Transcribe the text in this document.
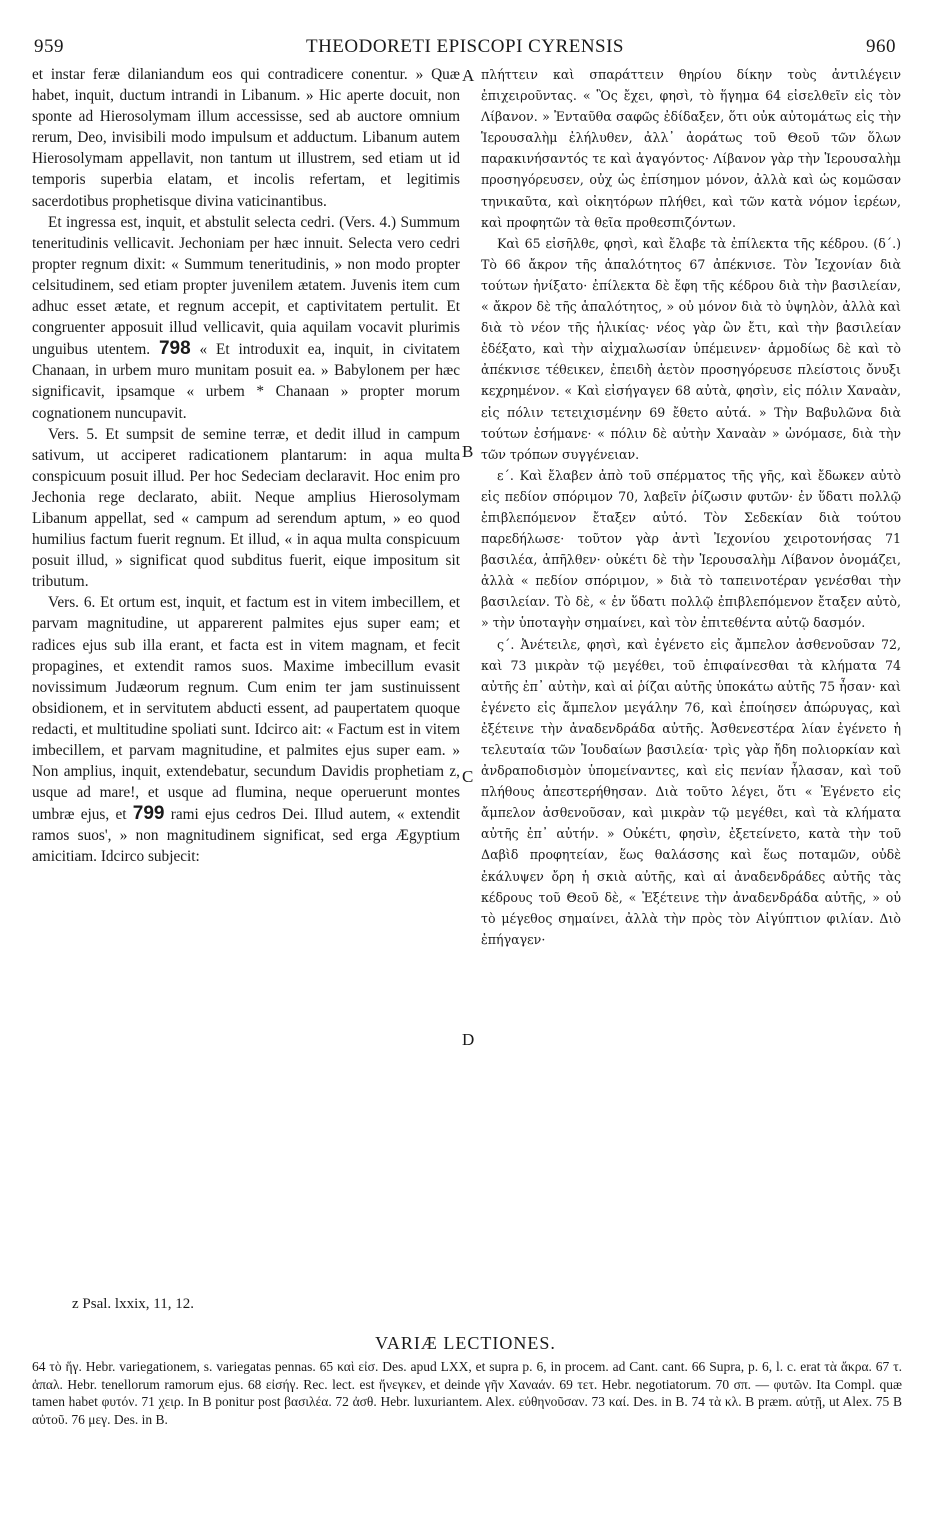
959	THEODORETI EPISCOPI CYRENSIS	960
A
B
C
D

et instar feræ dilaniandum eos qui contradicere conentur. » Quæ habet, inquit, ductum intrandi in Libanum. » Hic aperte docuit, non sponte ad Hierosolymam illum accessisse, sed ab auctore omnium rerum, Deo, invisibili modo impulsum et adductum. Libanum autem Hierosolymam appellavit, non tantum ut illustrem, sed etiam ut id temporis superbia elatam, et incolis refertam, et legitimis sacerdotibus prophetisque divina vaticinantibus.

Et ingressa est, inquit, et abstulit selecta cedri. (Vers. 4.) Summum teneritudinis vellicavit. Jechoniam per hæc innuit. Selecta vero cedri propter regnum dixit: « Summum teneritudinis, » non modo propter celsitudinem, sed etiam propter juvenilem ætatem. Juvenis item cum adhuc esset ætate, et regnum accepit, et captivitatem pertulit. Et congruenter apposuit illud vellicavit, quia aquilam vocavit plurimis unguibus utentem. 798 « Et introduxit ea, inquit, in civitatem Chanaan, in urbem muro munitam posuit ea. » Babylonem per hæc significavit, ipsamque « urbem * Chanaan » propter morum cognationem nuncupavit.

Vers. 5. Et sumpsit de semine terræ, et dedit illud in campum sativum, ut acciperet radicationem plantarum: in aqua multa conspicuum posuit illud. Per hoc Sedeciam declaravit. Hoc enim pro Jechonia rege declarato, abiit. Neque amplius Hierosolymam Libanum appellat, sed « campum ad serendum aptum, » eo quod humilius factum fuerit regnum. Et illud, « in aqua multa conspicuum posuit illud, » significat quod subditus fuerit, eique impositum sit tributum.

Vers. 6. Et ortum est, inquit, et factum est in vitem imbecillem, et parvam magnitudine, ut apparerent palmites ejus super eam; et radices ejus sub illa erant, et facta est in vitem magnam, et fecit propagines, et extendit ramos suos. Maxime imbecillum evasit novissimum Judæorum regnum. Cum enim ter jam sustinuissent obsidionem, et in servitutem abducti essent, ad paupertatem quoque redacti, et multitudine spoliati sunt. Idcirco ait: « Factum est in vitem imbecillem, et parvam magnitudine, et palmites ejus super eam. » Non amplius, inquit, extendebatur, secundum Davidis prophetiam z, usque ad mare!, et usque ad flumina, neque operuerunt montes umbræ ejus, et 799 rami ejus cedros Dei. Illud autem, « extendit ramos suos', » non magnitudinem significat, sed erga Ægyptium amicitiam. Idcirco subjecit:

πλήττειν καὶ σπαράττειν θηρίου δίκην τοὺς ἀντιλέγειν ἐπιχειροῦντας. « Ὃς ἔχει, φησὶ, τὸ ἥγημα 64 εἰσελθεῖν εἰς τὸν Λίβανον. » Ἐνταῦθα σαφῶς ἐδίδαξεν, ὅτι οὐκ αὐτομάτως εἰς τὴν Ἱερουσαλὴμ ἐλήλυθεν, ἀλλ᾽ ἀοράτως τοῦ Θεοῦ τῶν ὅλων παρακινήσαντός τε καὶ ἀγαγόντος· Λίβανον γὰρ τὴν Ἱερουσαλὴμ προσηγόρευσεν, οὐχ ὡς ἐπίσημον μόνον, ἀλλὰ καὶ ὡς κομῶσαν τηνικαῦτα, καὶ οἰκητόρων πλήθει, καὶ τῶν κατὰ νόμον ἱερέων, καὶ προφητῶν τὰ θεῖα προθεσπιζόντων.

Καὶ 65 εἰσῆλθε, φησὶ, καὶ ἔλαβε τὰ ἐπίλεκτα τῆς κέδρου. (δ΄.) Τὸ 66 ἄκρον τῆς ἁπαλότητος 67 ἀπέκνισε. Τὸν Ἰεχονίαν διὰ τούτων ἠνίξατο· ἐπίλεκτα δὲ ἔφη τῆς κέδρου διὰ τὴν βασιλείαν, « ἄκρον δὲ τῆς ἁπαλότητος, » οὐ μόνον διὰ τὸ ὑψηλὸν, ἀλλὰ καὶ διὰ τὸ νέον τῆς ἡλικίας· νέος γὰρ ὢν ἔτι, καὶ τὴν βασιλείαν ἐδέξατο, καὶ τὴν αἰχμαλωσίαν ὑπέμεινεν· ἁρμοδίως δὲ καὶ τὸ ἀπέκνισε τέθεικεν, ἐπειδὴ ἀετὸν προσηγόρευσε πλείστοις ὄνυξι κεχρημένον. « Καὶ εἰσήγαγεν 68 αὐτὰ, φησὶν, εἰς πόλιν Χαναὰν, εἰς πόλιν τετειχισμένην 69 ἔθετο αὐτά. » Τὴν Βαβυλῶνα διὰ τούτων ἐσήμανε· « πόλιν δὲ αὐτὴν Χαναὰν » ὠνόμασε, διὰ τὴν τῶν τρόπων συγγένειαν.

ε΄. Καὶ ἔλαβεν ἀπὸ τοῦ σπέρματος τῆς γῆς, καὶ ἔδωκεν αὐτὸ εἰς πεδίον σπόριμον 70, λαβεῖν ῥίζωσιν φυτῶν· ἐν ὕδατι πολλῷ ἐπιβλεπόμενον ἔταξεν αὐτό. Τὸν Σεδεκίαν διὰ τούτου παρεδήλωσε· τοῦτον γὰρ ἀντὶ Ἰεχονίου χειροτονήσας 71 βασιλέα, ἀπῆλθεν· οὐκέτι δὲ τὴν Ἱερουσαλὴμ Λίβανον ὀνομάζει, ἀλλὰ « πεδίον σπόριμον, » διὰ τὸ ταπεινοτέραν γενέσθαι τὴν βασιλείαν. Τὸ δὲ, « ἐν ὕδατι πολλῷ ἐπιβλεπόμενον ἔταξεν αὐτὸ, » τὴν ὑποταγὴν σημαίνει, καὶ τὸν ἐπιτεθέντα αὐτῷ δασμόν.

ς΄. Ἀνέτειλε, φησὶ, καὶ ἐγένετο εἰς ἄμπελον ἀσθενοῦσαν 72, καὶ 73 μικρὰν τῷ μεγέθει, τοῦ ἐπιφαίνεσθαι τὰ κλήματα 74 αὐτῆς ἐπ᾽ αὐτὴν, καὶ αἱ ῥίζαι αὐτῆς ὑποκάτω αὐτῆς 75 ἦσαν· καὶ ἐγένετο εἰς ἄμπελον μεγάλην 76, καὶ ἐποίησεν ἀπώρυγας, καὶ ἐξέτεινε τὴν ἀναδενδράδα αὐτῆς. Ἀσθενεστέρα λίαν ἐγένετο ἡ τελευταία τῶν Ἰουδαίων βασιλεία· τρὶς γὰρ ἤδη πολιορκίαν καὶ ἀνδραποδισμὸν ὑπομείναντες, καὶ εἰς πενίαν ἦλασαν, καὶ τοῦ πλήθους ἀπεστερήθησαν. Διὰ τοῦτο λέγει, ὅτι « Ἐγένετο εἰς ἄμπελον ἀσθενοῦσαν, καὶ μικρὰν τῷ μεγέθει, καὶ τὰ κλήματα αὐτῆς ἐπ᾽ αὐτήν. » Οὐκέτι, φησὶν, ἐξετείνετο, κατὰ τὴν τοῦ Δαβὶδ προφητείαν, ἕως θαλάσσης καὶ ἕως ποταμῶν, οὐδὲ ἐκάλυψεν ὄρη ἡ σκιὰ αὐτῆς, καὶ αἱ ἀναδενδράδες αὐτῆς τὰς κέδρους τοῦ Θεοῦ δὲ, « Ἐξέτεινε τὴν ἀναδενδράδα αὐτῆς, » οὐ τὸ μέγεθος σημαίνει, ἀλλὰ τὴν πρὸς τὸν Αἰγύπτιον φιλίαν. Διὸ ἐπήγαγεν·

z Psal. lxxix, 11, 12.
VARIÆ LECTIONES.
64 τὸ ἥγ. Hebr. variegationem, s. variegatas pennas. 65 καὶ εἰσ. Des. apud LXX, et supra p. 6, in procem. ad Cant. cant. 66 Supra, p. 6, l. c. erat τὰ ἄκρα. 67 τ. ἁπαλ. Hebr. tenellorum ramorum ejus. 68 εἰσήγ. Rec. lect. est ἤνεγκεν, et deinde γῆν Χαναάν. 69 τετ. Hebr. negotiatorum. 70 σπ. — φυτῶν. Ita Compl. quæ tamen habet φυτόν. 71 χειρ. In B ponitur post βασιλέα. 72 ἀσθ. Hebr. luxuriantem. Alex. εὐθηνοῦσαν. 73 καί. Des. in B. 74 τὰ κλ. B præm. αὐτῇ, ut Alex. 75 B αὐτοῦ. 76 μεγ. Des. in B.
